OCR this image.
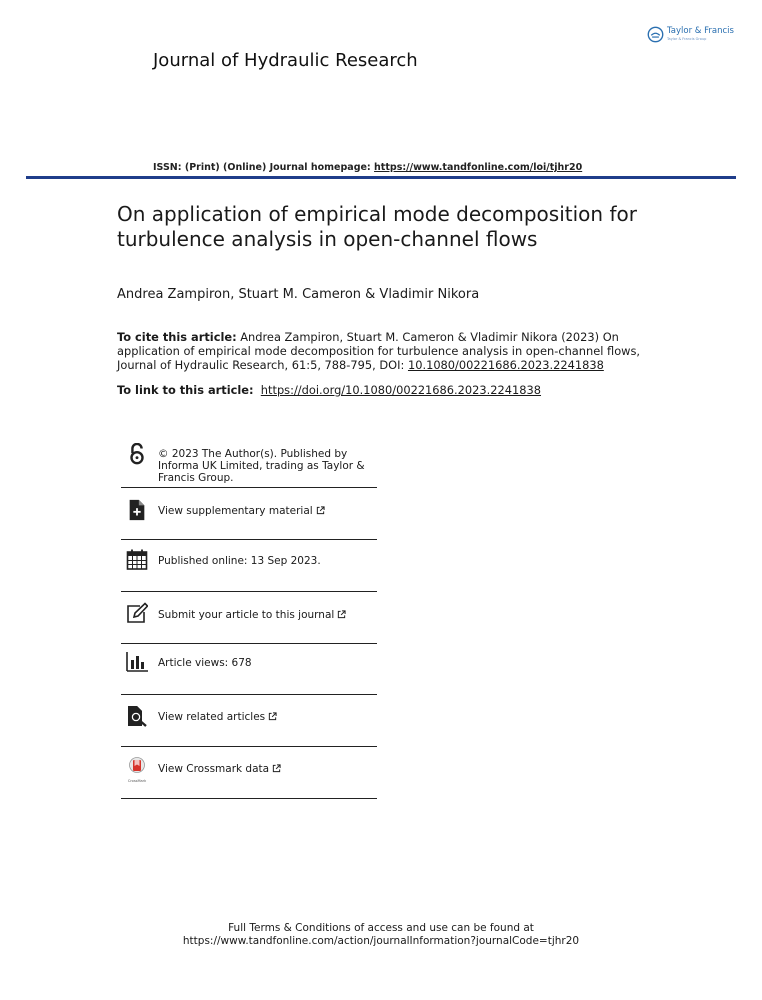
Journal of Hydraulic Research
Taylor & Francis
Taylor & Francis Group
ISSN: (Print) (Online) Journal homepage: https://www.tandfonline.com/loi/tjhr20
On application of empirical mode decomposition for turbulence analysis in open-channel flows
Andrea Zampiron, Stuart M. Cameron & Vladimir Nikora
To cite this article: Andrea Zampiron, Stuart M. Cameron & Vladimir Nikora (2023) On application of empirical mode decomposition for turbulence analysis in open-channel flows, Journal of Hydraulic Research, 61:5, 788-795, DOI: 10.1080/00221686.2023.2241838
To link to this article: https://doi.org/10.1080/00221686.2023.2241838
© 2023 The Author(s). Published by Informa UK Limited, trading as Taylor & Francis Group.
View supplementary material
Published online: 13 Sep 2023.
Submit your article to this journal
Article views: 678
View related articles
CrossMark
View Crossmark data
Full Terms & Conditions of access and use can be found at
https://www.tandfonline.com/action/journalInformation?journalCode=tjhr20
